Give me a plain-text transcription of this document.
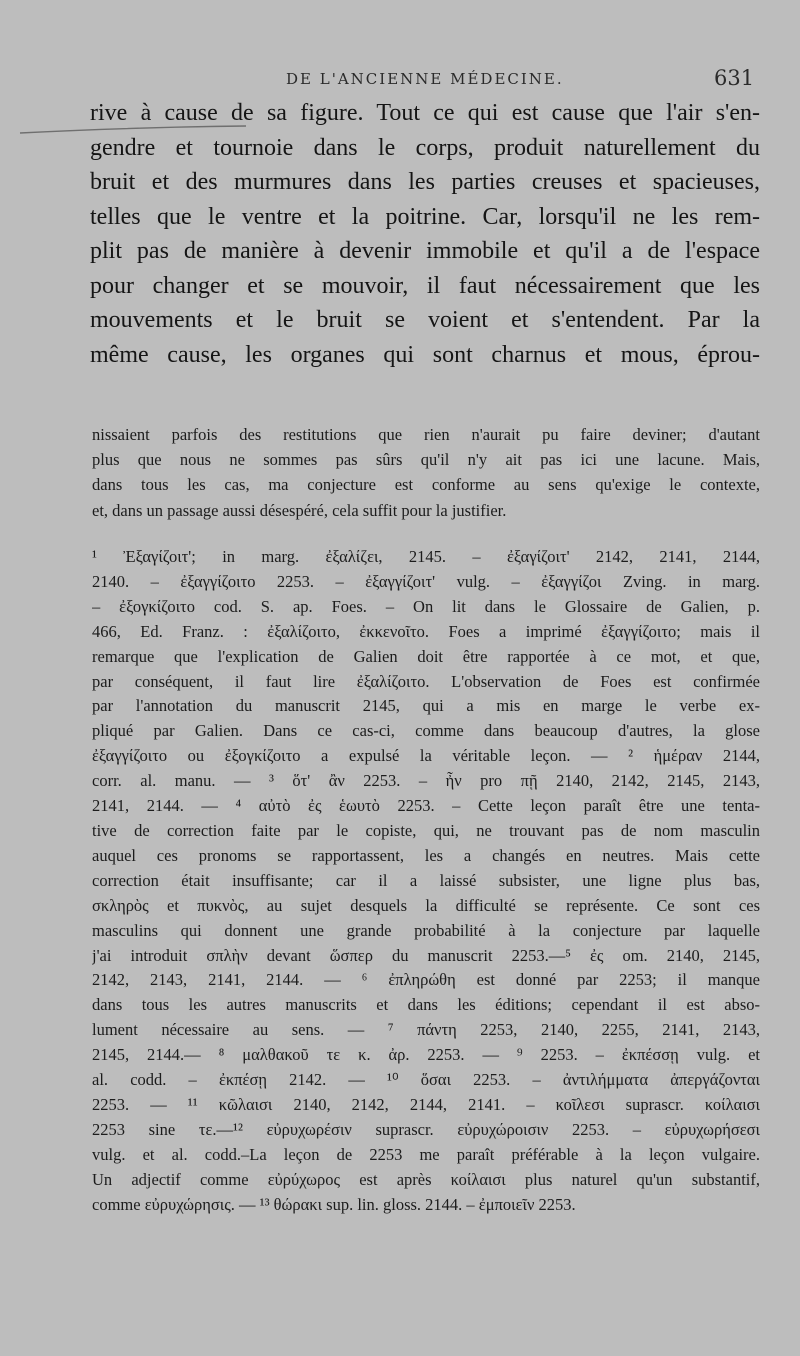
DE L'ANCIENNE MÉDECINE.	631
rive à cause de sa figure. Tout ce qui est cause que l'air s'en-
gendre et tournoie dans le corps, produit naturellement du
bruit et des murmures dans les parties creuses et spacieuses,
telles que le ventre et la poitrine. Car, lorsqu'il ne les rem-
plit pas de manière à devenir immobile et qu'il a de l'espace
pour changer et se mouvoir, il faut nécessairement que les
mouvements et le bruit se voient et s'entendent. Par la
même cause, les organes qui sont charnus et mous, éprou-
nissaient parfois des restitutions que rien n'aurait pu faire deviner; d'autant
plus que nous ne sommes pas sûrs qu'il n'y ait pas ici une lacune. Mais,
dans tous les cas, ma conjecture est conforme au sens qu'exige le contexte,
et, dans un passage aussi désespéré, cela suffit pour la justifier.
¹ Ἐξαγίζοιτ'; in marg. ἐξαλίζει, 2145. – ἐξαγίζοιτ' 2142, 2141, 2144,
2140. – ἐξαγγίζοιτο 2253. – ἐξαγγίζοιτ' vulg. – ἐξαγγίζοι Zving. in marg.
– ἐξογκίζοιτο cod. S. ap. Foes. – On lit dans le Glossaire de Galien, p.
466, Ed. Franz. : ἐξαλίζοιτο, ἐκκενοῖτο. Foes a imprimé ἐξαγγίζοιτο; mais il
remarque que l'explication de Galien doit être rapportée à ce mot, et que,
par conséquent, il faut lire ἐξαλίζοιτο. L'observation de Foes est confirmée
par l'annotation du manuscrit 2145, qui a mis en marge le verbe ex-
pliqué par Galien. Dans ce cas-ci, comme dans beaucoup d'autres, la glose
ἐξαγγίζοιτο ou ἐξογκίζοιτο a expulsé la véritable leçon. — ² ἡμέραν 2144,
corr. al. manu. — ³ ὅτ' ἂν 2253. – ἦν pro πῇ 2140, 2142, 2145, 2143,
2141, 2144. — ⁴ αὐτὸ ἐς ἑωυτὸ 2253. – Cette leçon paraît être une tenta-
tive de correction faite par le copiste, qui, ne trouvant pas de nom masculin
auquel ces pronoms se rapportassent, les a changés en neutres. Mais cette
correction était insuffisante; car il a laissé subsister, une ligne plus bas,
σκληρὸς et πυκνὸς, au sujet desquels la difficulté se représente. Ce sont ces
masculins qui donnent une grande probabilité à la conjecture par laquelle
j'ai introduit σπλὴν devant ὥσπερ du manuscrit 2253.—⁵ ἐς om. 2140, 2145,
2142, 2143, 2141, 2144. — ⁶ ἐπληρώθη est donné par 2253; il manque
dans tous les autres manuscrits et dans les éditions; cependant il est abso-
lument nécessaire au sens. — ⁷ πάντη 2253, 2140, 2255, 2141, 2143,
2145, 2144.— ⁸ μαλθακοῦ τε κ. ἀρ. 2253. — ⁹ 2253. – ἐκπέσσῃ vulg. et
al. codd. – ἐκπέσῃ 2142. — ¹⁰ ὅσαι 2253. – ἀντιλήμματα ἀπεργάζονται
2253. — ¹¹ κῶλαισι 2140, 2142, 2144, 2141. – κοῖλεσι suprascr. κοίλαισι
2253 sine τε.—¹² εὐρυχωρέσιν suprascr. εὐρυχώροισιν 2253. – εὐρυχωρήσεσι
vulg. et al. codd.–La leçon de 2253 me paraît préférable à la leçon vulgaire.
Un adjectif comme εὐρύχωρος est après κοίλαισι plus naturel qu'un substantif,
comme εὐρυχώρησις. — ¹³ θώρακι sup. lin. gloss. 2144. – ἐμποιεῖν 2253.
